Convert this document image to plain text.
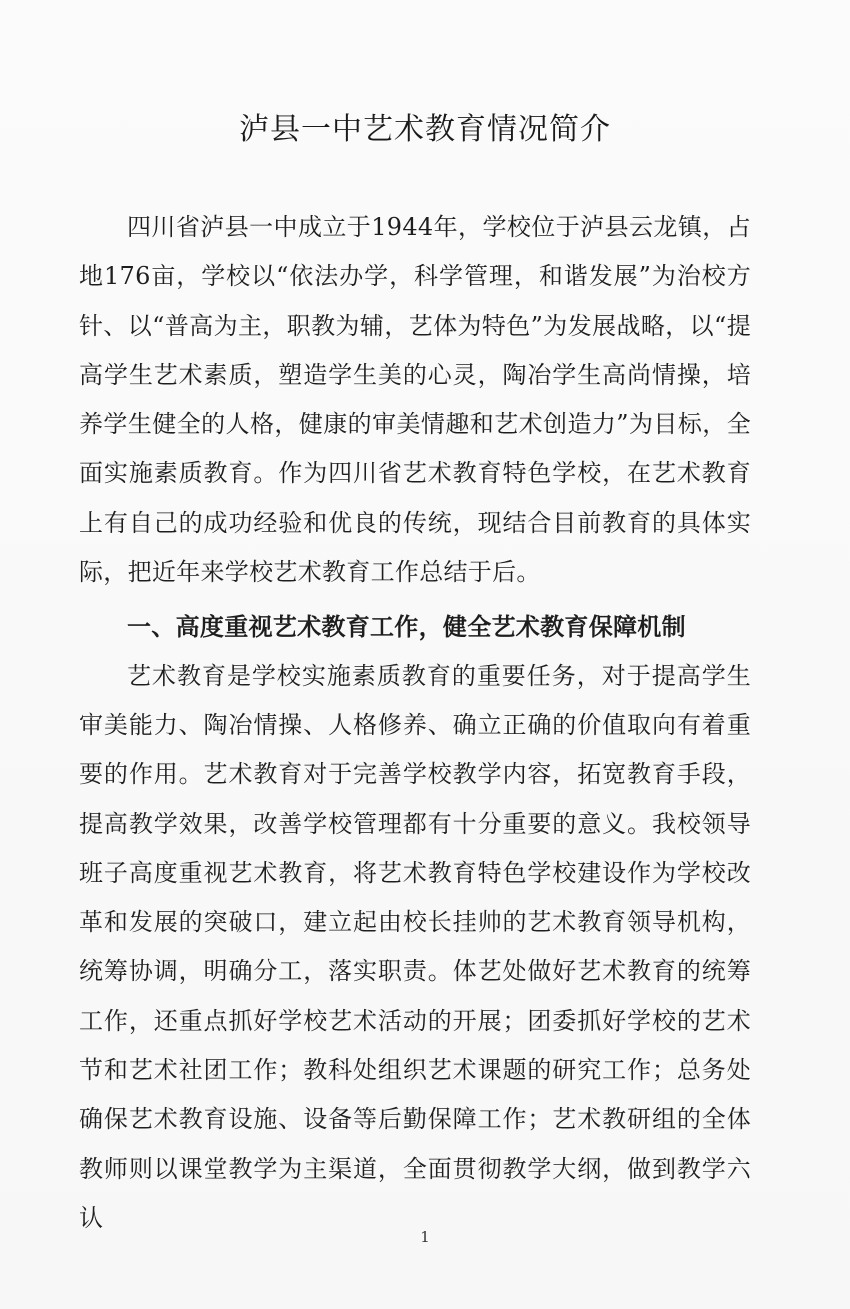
泸县一中艺术教育情况简介

四川省泸县一中成立于1944年，学校位于泸县云龙镇，占地176亩，学校以“依法办学，科学管理，和谐发展”为治校方针、以“普高为主，职教为辅，艺体为特色”为发展战略，以“提高学生艺术素质，塑造学生美的心灵，陶冶学生高尚情操，培养学生健全的人格，健康的审美情趣和艺术创造力”为目标，全面实施素质教育。作为四川省艺术教育特色学校，在艺术教育上有自己的成功经验和优良的传统，现结合目前教育的具体实际，把近年来学校艺术教育工作总结于后。

一、高度重视艺术教育工作，健全艺术教育保障机制

艺术教育是学校实施素质教育的重要任务，对于提高学生审美能力、陶冶情操、人格修养、确立正确的价值取向有着重要的作用。艺术教育对于完善学校教学内容，拓宽教育手段，提高教学效果，改善学校管理都有十分重要的意义。我校领导班子高度重视艺术教育，将艺术教育特色学校建设作为学校改革和发展的突破口，建立起由校长挂帅的艺术教育领导机构，统筹协调，明确分工，落实职责。体艺处做好艺术教育的统筹工作，还重点抓好学校艺术活动的开展；团委抓好学校的艺术节和艺术社团工作；教科处组织艺术课题的研究工作；总务处确保艺术教育设施、设备等后勤保障工作；艺术教研组的全体教师则以课堂教学为主渠道，全面贯彻教学大纲，做到教学六认

1
